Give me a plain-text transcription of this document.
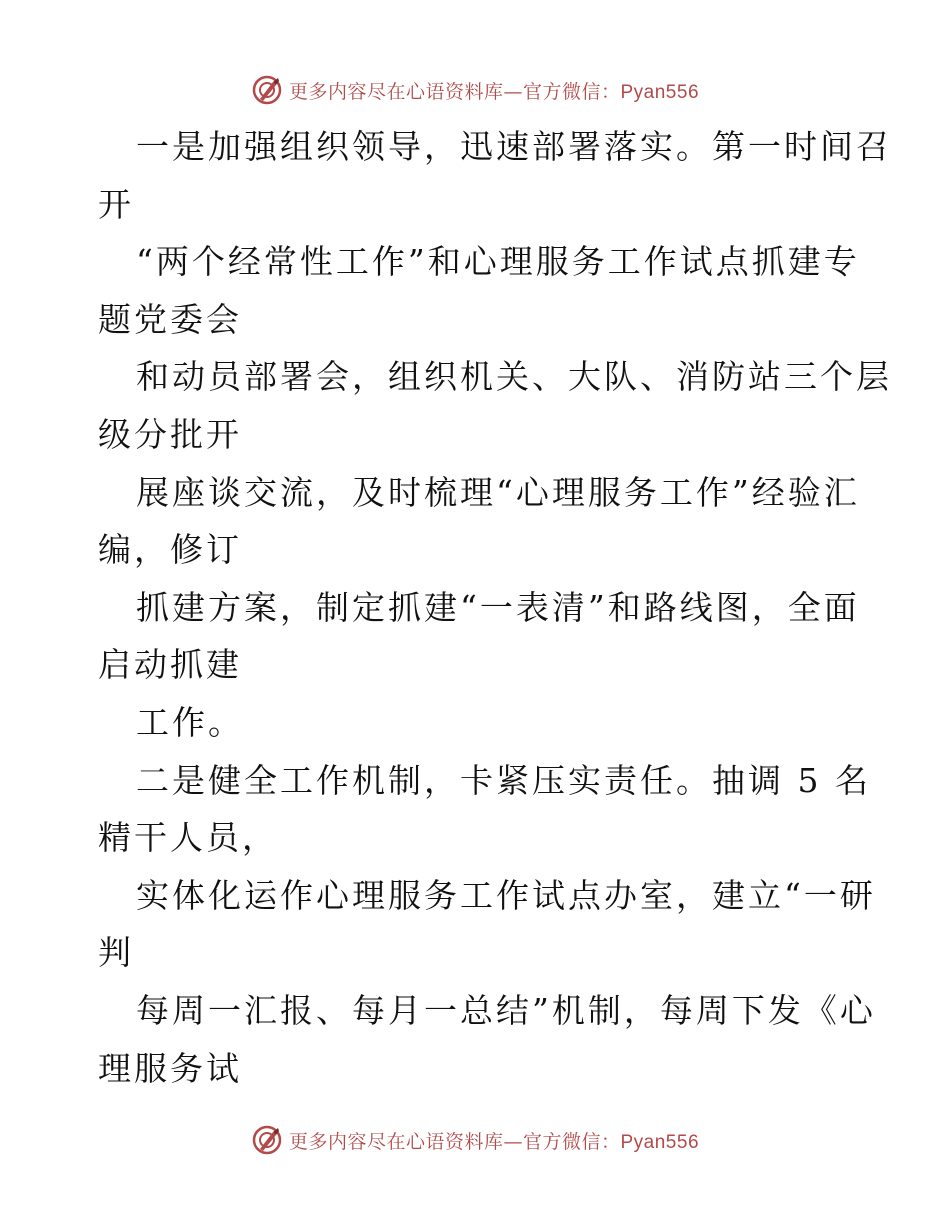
更多内容尽在心语资料库—官方微信：Pyan556
一是加强组织领导，迅速部署落实。第一时间召
开
“两个经常性工作”和心理服务工作试点抓建专
题党委会
和动员部署会，组织机关、大队、消防站三个层
级分批开
展座谈交流，及时梳理“心理服务工作”经验汇
编，修订
抓建方案，制定抓建“一表清”和路线图，全面
启动抓建
工作。
二是健全工作机制，卡紧压实责任。抽调 5 名
精干人员，
实体化运作心理服务工作试点办室，建立“一研
判
每周一汇报、每月一总结”机制，每周下发《心
理服务试
更多内容尽在心语资料库—官方微信：Pyan556
